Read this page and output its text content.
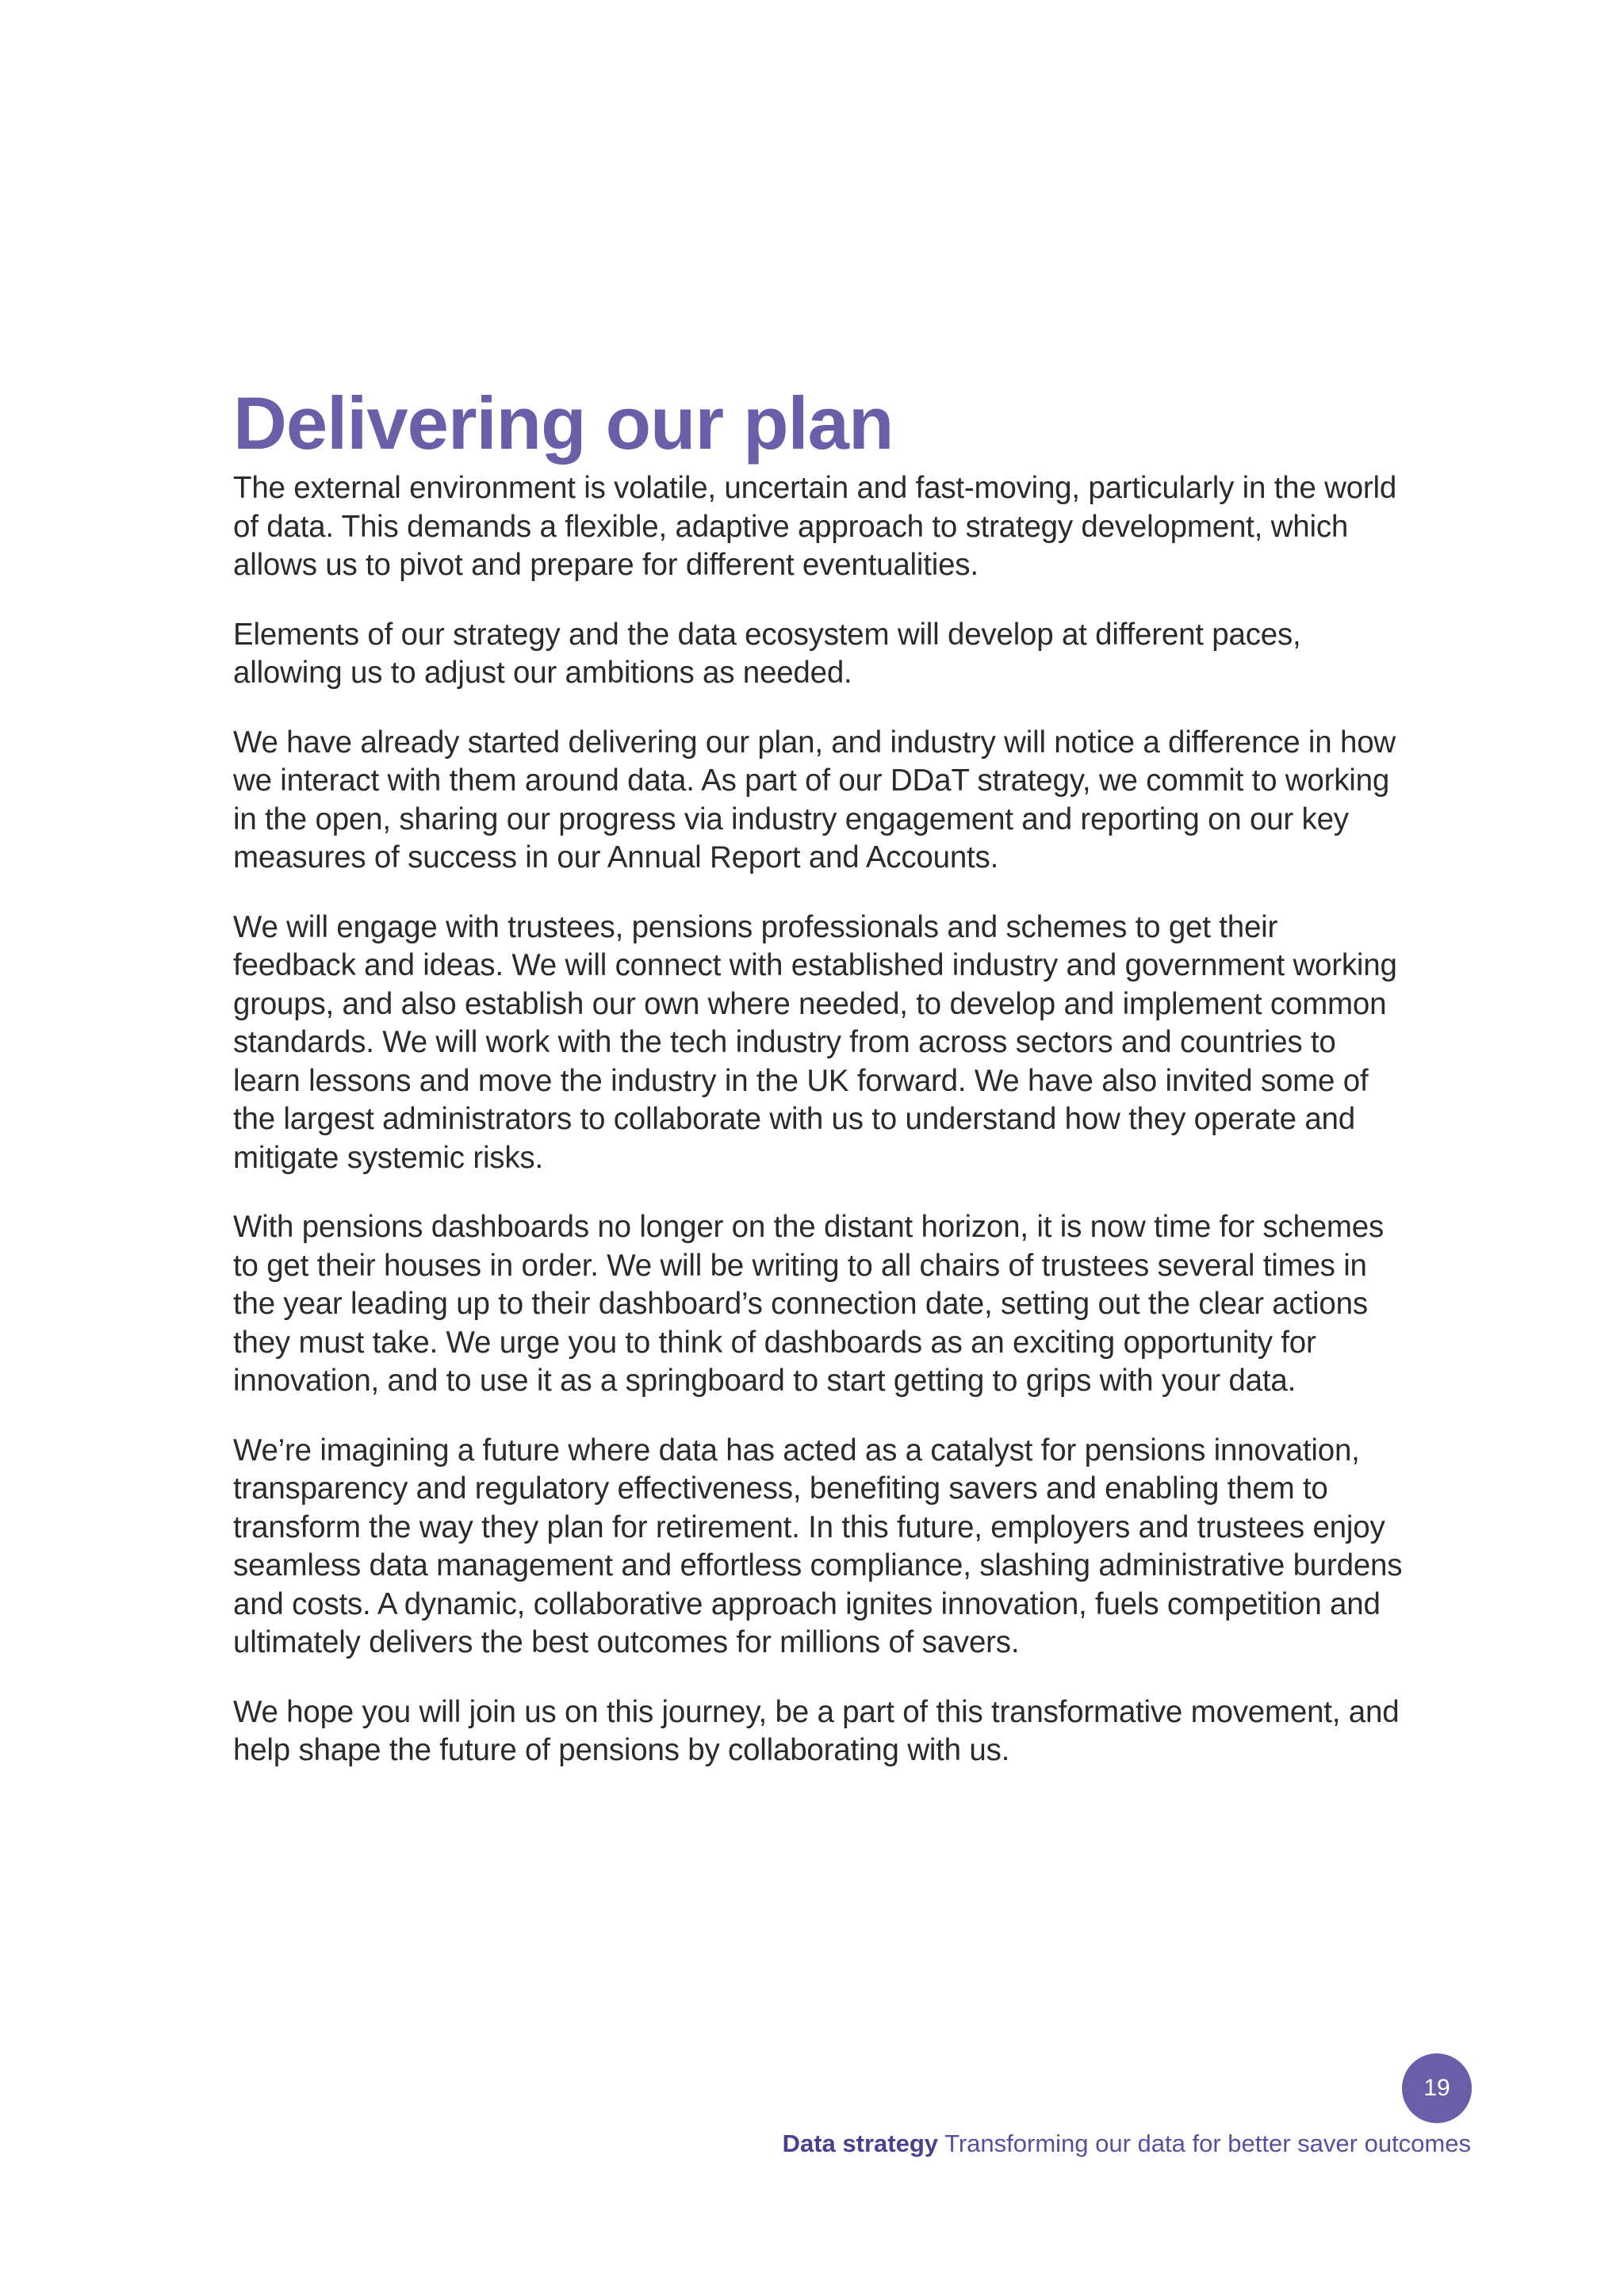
Delivering our plan

The external environment is volatile, uncertain and fast-moving, particularly in the world of data. This demands a flexible, adaptive approach to strategy development, which allows us to pivot and prepare for different eventualities.

Elements of our strategy and the data ecosystem will develop at different paces, allowing us to adjust our ambitions as needed.

We have already started delivering our plan, and industry will notice a difference in how we interact with them around data. As part of our DDaT strategy, we commit to working in the open, sharing our progress via industry engagement and reporting on our key measures of success in our Annual Report and Accounts.

We will engage with trustees, pensions professionals and schemes to get their feedback and ideas. We will connect with established industry and government working groups, and also establish our own where needed, to develop and implement common standards. We will work with the tech industry from across sectors and countries to learn lessons and move the industry in the UK forward. We have also invited some of the largest administrators to collaborate with us to understand how they operate and mitigate systemic risks.

With pensions dashboards no longer on the distant horizon, it is now time for schemes to get their houses in order. We will be writing to all chairs of trustees several times in the year leading up to their dashboard’s connection date, setting out the clear actions they must take. We urge you to think of dashboards as an exciting opportunity for innovation, and to use it as a springboard to start getting to grips with your data.

We’re imagining a future where data has acted as a catalyst for pensions innovation, transparency and regulatory effectiveness, benefiting savers and enabling them to transform the way they plan for retirement. In this future, employers and trustees enjoy seamless data management and effortless compliance, slashing administrative burdens and costs. A dynamic, collaborative approach ignites innovation, fuels competition and ultimately delivers the best outcomes for millions of savers.

We hope you will join us on this journey, be a part of this transformative movement, and help shape the future of pensions by collaborating with us.

19
Data strategy Transforming our data for better saver outcomes
